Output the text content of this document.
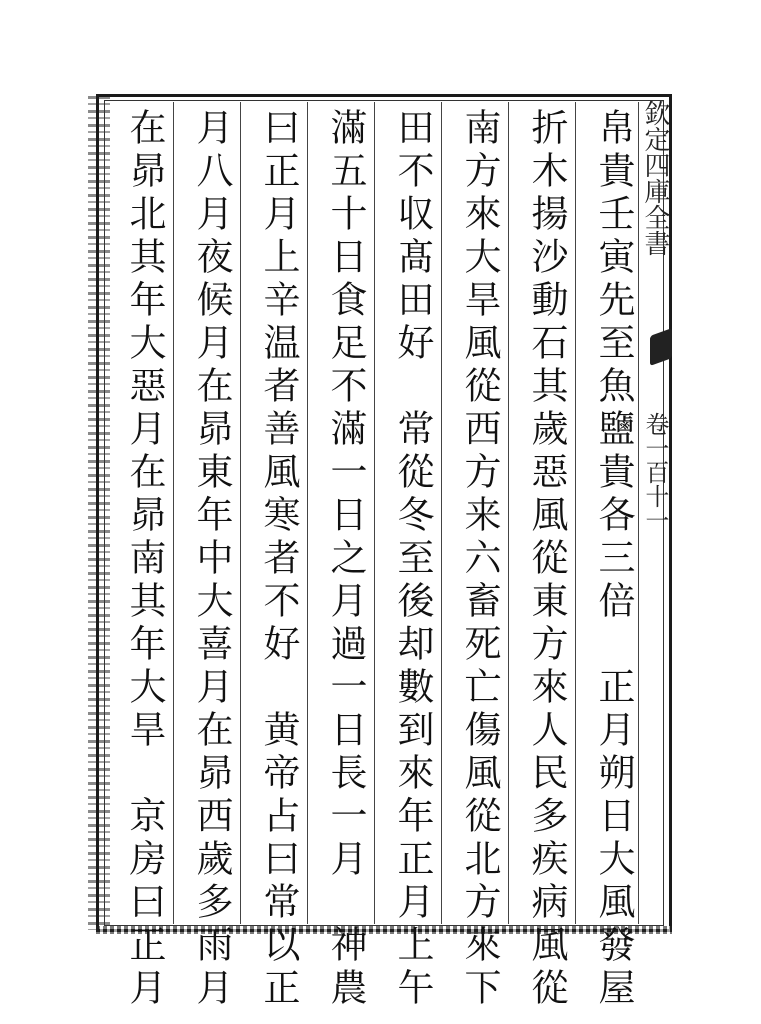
欽定四庫全書
卷一百十一
帛貴壬寅先至魚鹽貴各三倍　正月朔日大風發屋
折木揚沙動石其歲惡風從東方來人民多疾病風從
南方來大旱風從西方来六畜死亡傷風從北方來下
田不収髙田好　常從冬至後却數到來年正月上午
滿五十日食足不滿一日之月過一日長一月　神農
曰正月上辛温者善風寒者不好　黄帝占曰常以正
月八月夜候月在昴東年中大喜月在昴西歲多雨月
在昴北其年大惡月在昴南其年大旱　京房曰正月
